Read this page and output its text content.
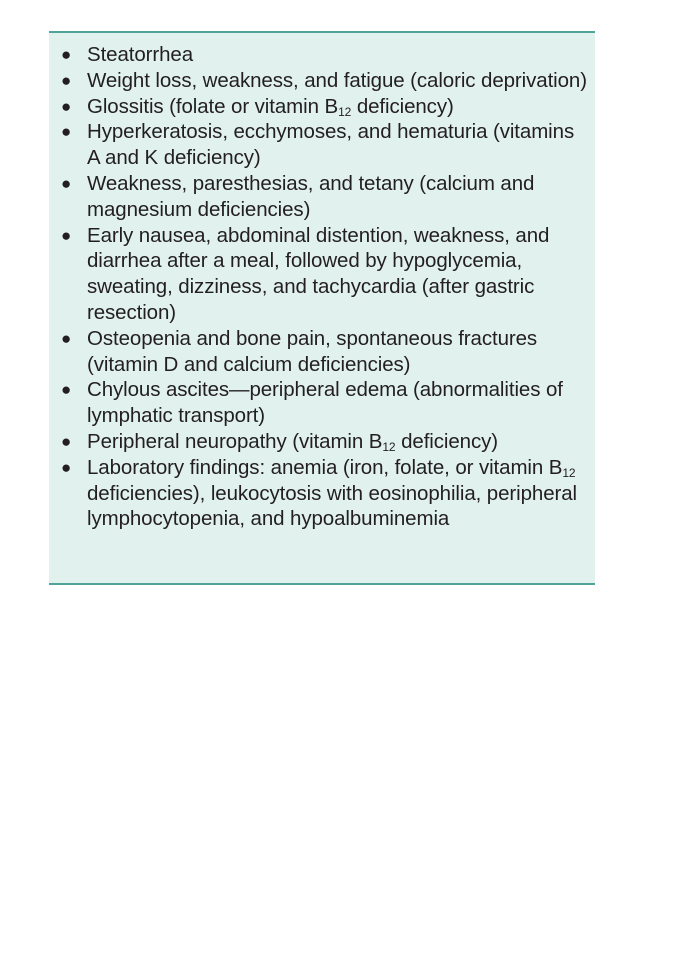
● Steatorrhea
● Weight loss, weakness, and fatigue (caloric deprivation)
● Glossitis (folate or vitamin $B_{12}$ deficiency)
● Hyperkeratosis, ecchymoses, and hematuria (vitamins A and K deficiency)
● Weakness, paresthesias, and tetany (calcium and magnesium deficiencies)
● Early nausea, abdominal distention, weakness, and diarrhea after a meal, followed by hypoglycemia, sweating, dizziness, and tachycardia (after gastric resection)
● Osteopenia and bone pain, spontaneous fractures (vitamin D and calcium deficiencies)
● Chylous ascites—peripheral edema (abnormalities of lymphatic transport)
● Peripheral neuropathy (vitamin $B_{12}$ deficiency)
● Laboratory findings: anemia (iron, folate, or vitamin $B_{12}$ deficiencies), leukocytosis with eosinophilia, peripheral lymphocytopenia, and hypoalbuminemia
